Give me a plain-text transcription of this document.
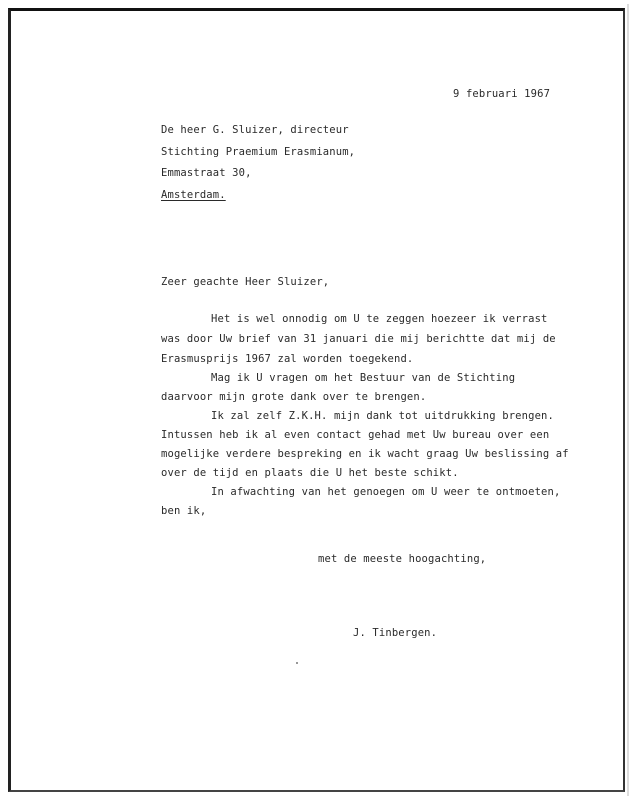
9 februari 1967
De heer G. Sluizer, directeur
Stichting Praemium Erasmianum,
Emmastraat 30,
Amsterdam.
Zeer geachte Heer Sluizer,
Het is wel onnodig om U te zeggen hoezeer ik verrast
was door Uw brief van 31 januari die mij berichtte dat mij de
Erasmusprijs 1967 zal worden toegekend.
Mag ik U vragen om het Bestuur van de Stichting
daarvoor mijn grote dank over te brengen.
Ik zal zelf Z.K.H. mijn dank tot uitdrukking brengen.
Intussen heb ik al even contact gehad met Uw bureau over een
mogelijke verdere bespreking en ik wacht graag Uw beslissing af
over de tijd en plaats die U het beste schikt.
In afwachting van het genoegen om U weer te ontmoeten,
ben ik,
met de meeste hoogachting,
J. Tinbergen.
